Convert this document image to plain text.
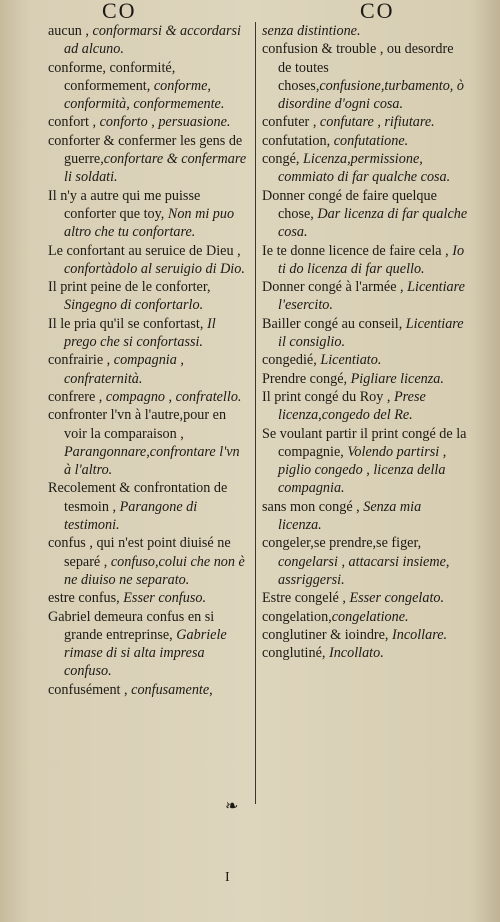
CO	CO

aucun , conformarsi & accordarsi ad alcuno.

conforme, conformité, conformement, conforme, conformità, conformemente.

confort , conforto , persuasione.

conforter & confermer les gens de guerre,confortare & confermare li soldati.

Il n'y a autre qui me puisse conforter que toy, Non mi puo altro che tu confortare.

Le confortant au seruice de Dieu , confortàdolo al seruigio di Dio.

Il print peine de le conforter, Singegno di confortarlo.

Il le pria qu'il se confortast, Il prego che si confortassi.

confrairie , compagnia , confraternità.

confrere , compagno , confratello.

confronter l'vn à l'autre,pour en voir la comparaison , Parangonnare,confrontare l'vn à l'altro.

Recolement & confrontation de tesmoin , Parangone di testimoni.

confus , qui n'est point diuisé ne separé , confuso,colui che non è ne diuiso ne separato.

estre confus, Esser confuso.

Gabriel demeura confus en si grande entreprinse, Gabriele rimase di si alta impresa confuso.

confusément , confusamente,

senza distintione.

confusion & trouble , ou desordre de toutes choses,confusione,turbamento, ò disordine d'ogni cosa.

confuter , confutare , rifiutare.

confutation, confutatione.

congé, Licenza,permissione, commiato di far qualche cosa.

Donner congé de faire quelque chose, Dar licenza di far qualche cosa.

Ie te donne licence de faire cela , Io ti do licenza di far quello.

Donner congé à l'armée , Licentiare l'esercito.

Bailler congé au conseil, Licentiare il consiglio.

congedié, Licentiato.

Prendre congé, Pigliare licenza.

Il print congé du Roy , Prese licenza,congedo del Re.

Se voulant partir il print congé de la compagnie, Volendo partirsi , piglio congedo , licenza della compagnia.

sans mon congé , Senza mia licenza.

congeler,se prendre,se figer, congelarsi , attacarsi insieme, assriggersi.

Estre congelé , Esser congelato.

congelation,congelatione.

conglutiner & ioindre, Incollare.

conglutiné, Incollato.

❧
I
